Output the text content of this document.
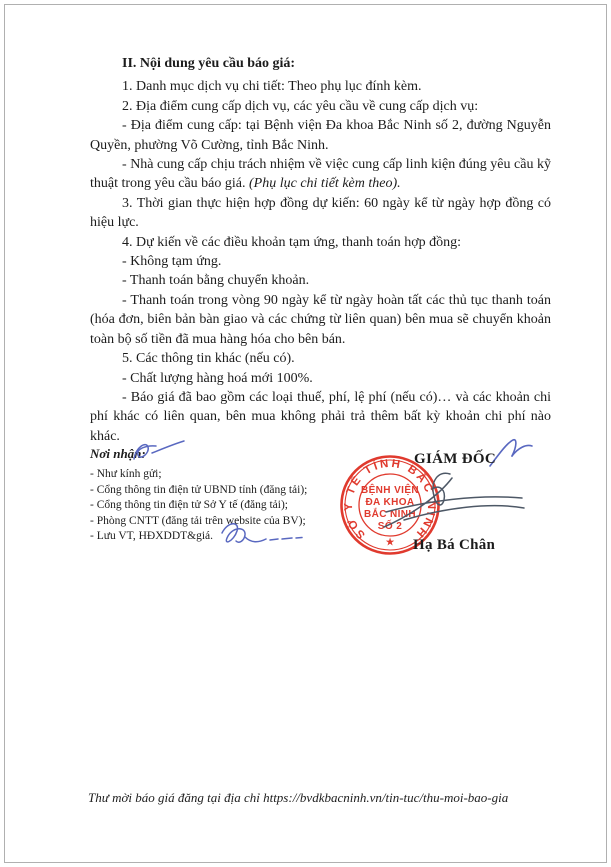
II. Nội dung yêu cầu báo giá:

1. Danh mục dịch vụ chi tiết: Theo phụ lục đính kèm.

2. Địa điểm cung cấp dịch vụ, các yêu cầu về cung cấp dịch vụ:

- Địa điểm cung cấp: tại Bệnh viện Đa khoa Bắc Ninh số 2, đường Nguyễn Quyền, phường Võ Cường, tỉnh Bắc Ninh.

- Nhà cung cấp chịu trách nhiệm về việc cung cấp linh kiện đúng yêu cầu kỹ thuật trong yêu cầu báo giá. (Phụ lục chi tiết kèm theo).

3. Thời gian thực hiện hợp đồng dự kiến: 60 ngày kể từ ngày hợp đồng có hiệu lực.

4. Dự kiến về các điều khoản tạm ứng, thanh toán hợp đồng:

- Không tạm ứng.

- Thanh toán bằng chuyển khoản.

- Thanh toán trong vòng 90 ngày kể từ ngày hoàn tất các thủ tục thanh toán (hóa đơn, biên bản bàn giao và các chứng từ liên quan) bên mua sẽ chuyển khoản toàn bộ số tiền đã mua hàng hóa cho bên bán.

5. Các thông tin khác (nếu có).

- Chất lượng hàng hoá mới 100%.

- Báo giá đã bao gồm các loại thuế, phí, lệ phí (nếu có)… và các khoản chi phí khác có liên quan, bên mua không phải trả thêm bất kỳ khoản chi phí nào khác.

Nơi nhận:

- Như kính gửi;
- Cổng thông tin điện tử UBND tỉnh (đăng tải);
- Cổng thông tin điện tử Sở Y tế (đăng tải);
- Phòng CNTT (đăng tải trên website của BV);
- Lưu VT, HĐXDDT&giá.
GIÁM ĐỐC
Hạ Bá Chân
SỞ Y TẾ TỈNH BẮC NINH
BỆNH VIỆN
ĐA KHOA
BẮC NINH
SỐ 2
★
Thư mời báo giá đăng tại địa chỉ https://bvdkbacninh.vn/tin-tuc/thu-moi-bao-gia
